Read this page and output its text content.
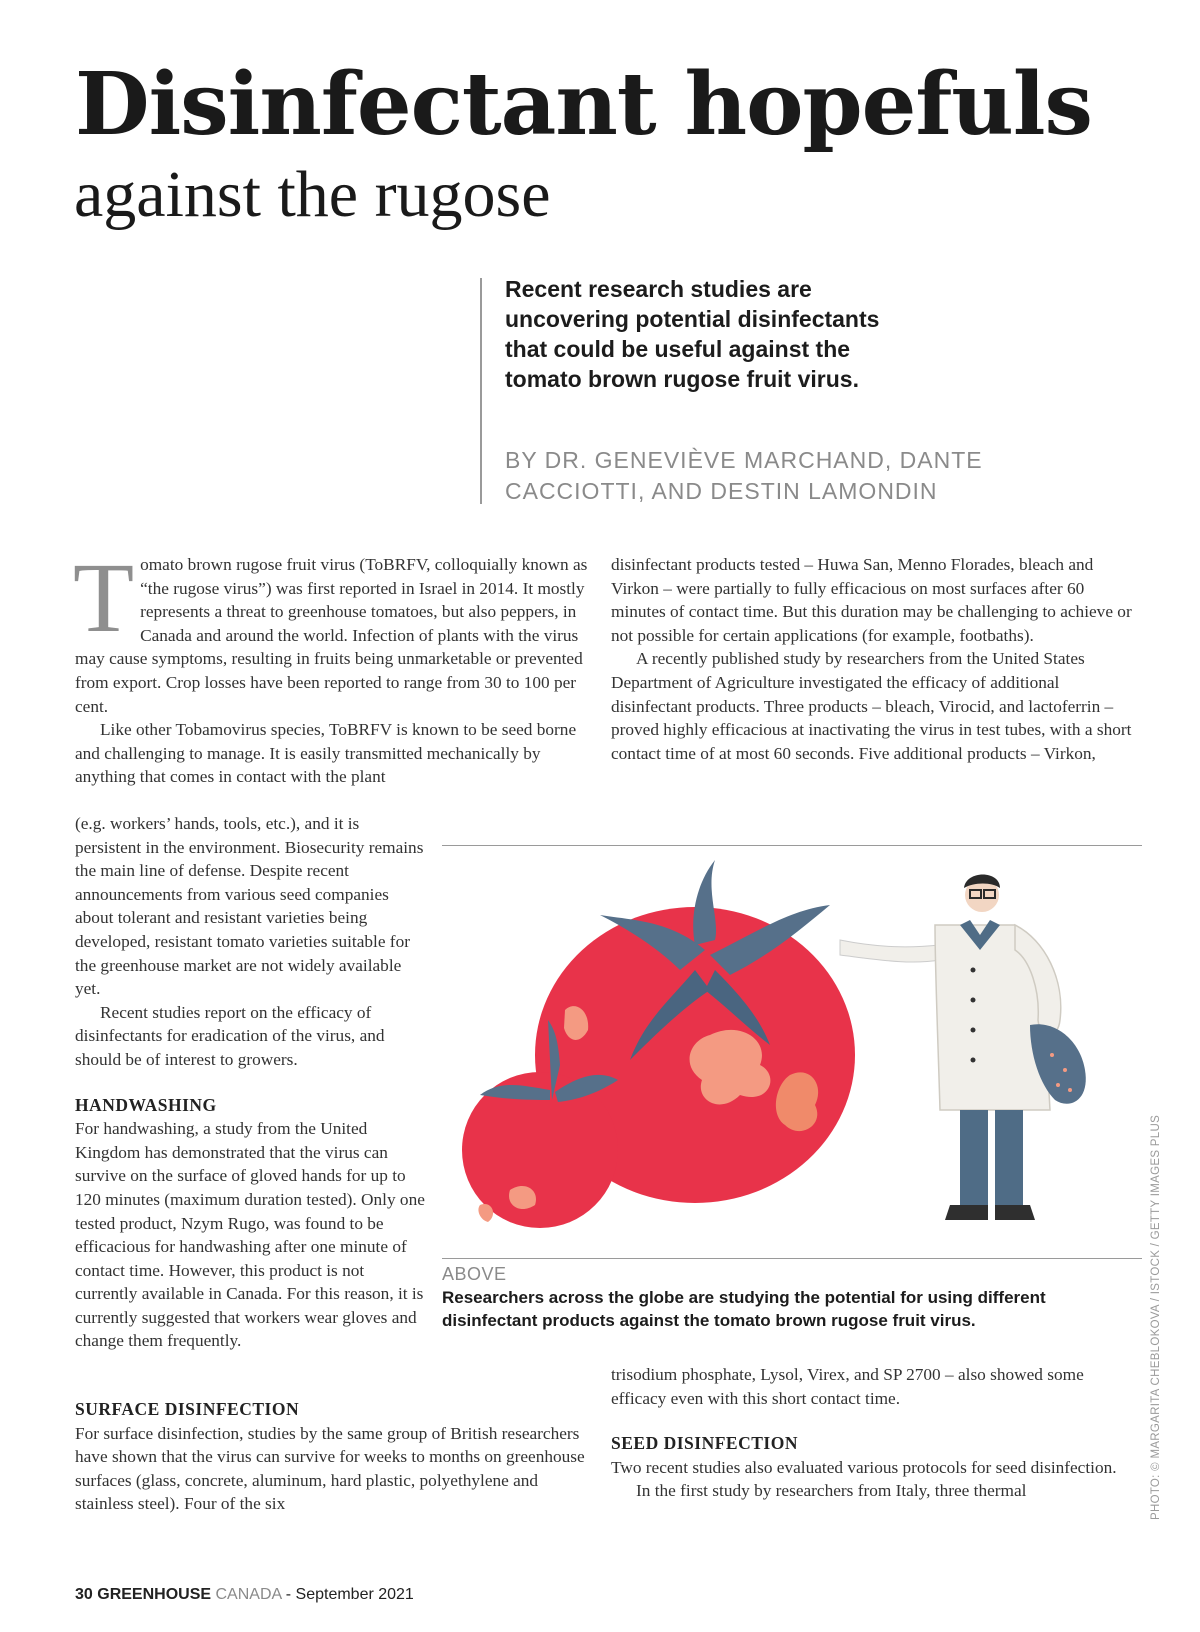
Disinfectant hopefuls
against the rugose

Recent research studies are uncovering potential disinfectants that could be useful against the tomato brown rugose fruit virus.

BY DR. GENEVIÈVE MARCHAND, DANTE
CACCIOTTI, AND DESTIN LAMONDIN

Tomato brown rugose fruit virus (ToBRFV, colloquially known as “the rugose virus”) was first reported in Israel in 2014. It mostly represents a threat to greenhouse tomatoes, but also peppers, in Canada and around the world. Infection of plants with the virus may cause symptoms, resulting in fruits being unmarketable or prevented from export. Crop losses have been reported to range from 30 to 100 per cent.

Like other Tobamovirus species, ToBRFV is known to be seed borne and challenging to manage. It is easily transmitted mechanically by anything that comes in contact with the plant

(e.g. workers’ hands, tools, etc.), and it is persistent in the environment. Biosecurity remains the main line of defense. Despite recent announcements from various seed companies about tolerant and resistant varieties being developed, resistant tomato varieties suitable for the greenhouse market are not widely available yet.

Recent studies report on the efficacy of disinfectants for eradication of the virus, and should be of interest to growers.

HANDWASHING

For handwashing, a study from the United Kingdom has demonstrated that the virus can survive on the surface of gloved hands for up to 120 minutes (maximum duration tested). Only one tested product, Nzym Rugo, was found to be efficacious for handwashing after one minute of contact time. However, this product is not currently available in Canada. For this reason, it is currently suggested that workers wear gloves and change them frequently.

SURFACE DISINFECTION

For surface disinfection, studies by the same group of British researchers have shown that the virus can survive for weeks to months on greenhouse surfaces (glass, concrete, aluminum, hard plastic, polyethylene and stainless steel). Four of the six

disinfectant products tested – Huwa San, Menno Florades, bleach and Virkon – were partially to fully efficacious on most surfaces after 60 minutes of contact time. But this duration may be challenging to achieve or not possible for certain applications (for example, footbaths).

A recently published study by researchers from the United States Department of Agriculture investigated the efficacy of additional disinfectant products. Three products – bleach, Virocid, and lactoferrin – proved highly efficacious at inactivating the virus in test tubes, with a short contact time of at most 60 seconds. Five additional products – Virkon,

ABOVE

Researchers across the globe are studying the potential for using different disinfectant products against the tomato brown rugose fruit virus.	PHOTO: © MARGARITA CHEBLOKOVA / ISTOCK / GETTY IMAGES PLUS

trisodium phosphate, Lysol, Virex, and SP 2700 – also showed some efficacy even with this short contact time.

SEED DISINFECTION

Two recent studies also evaluated various protocols for seed disinfection.

In the first study by researchers from Italy, three thermal

30 GREENHOUSE CANADA - September 2021
